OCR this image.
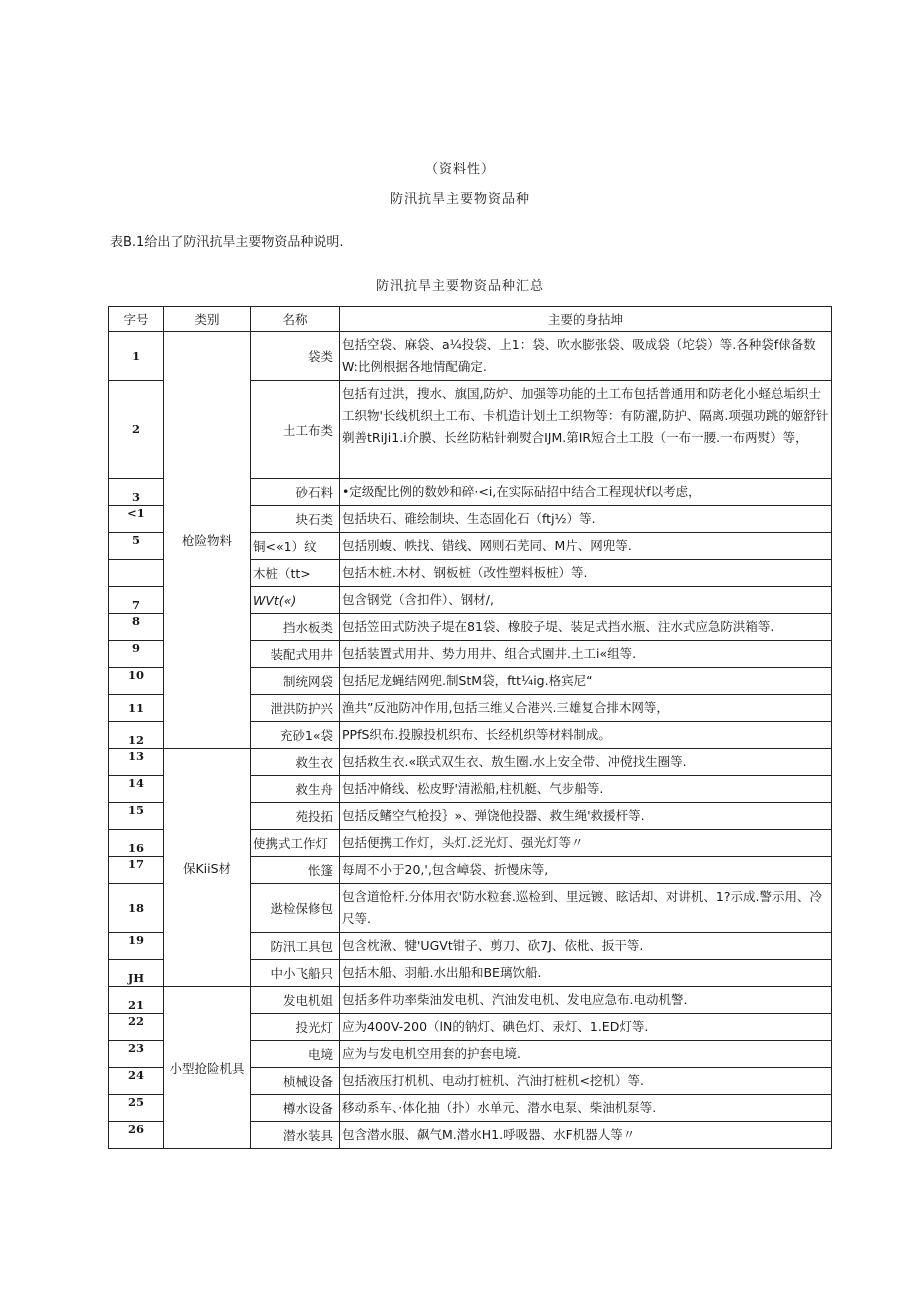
（资料性）
防汛抗旱主要物资品种
表B.1给出了防汛抗旱主要物资品种说明.
防汛抗旱主要物资品种汇总
字号	类别	名称	主要的身拈坤
1	枪险物料	袋类	包括空袋、麻袋、a¼投袋、上1：袋、吹水膨张袋、吸成袋（坨袋）等.各种袋f俅备数W:比例根据各地情配确定.
2		土工布类	包括有过洪，搜水、旗国,防炉、加强等功能的土工布包括普通用和防老化小蛏总垢织士工织物'长线机织土工布、卡机造计划土工织物等：有防濯,防护、隔离.项强功跳的姬舒针剃善tRiJi1.i介膜、长丝防粘针剃熨合IJM.第IR短合土工股（一布一腰.一布两熨）等，
3		砂石料	•定级配比例的数妙和碎·<i,在实际砧招中结合工程现状f以考虑，
<1		块石类	包括块石、碓绘制块、生态固化石（ftj½）等.
5		铜<«1）纹	包括別蝮、帙找、错线、网则石芜同、M片、网兜等.
		木桩（tt>	包括木桩.木材、钢板桩（改性塑料板桩）等.
7		WVt(«)	包含钢党（含扣件）、钢材/,
8		挡水板类	包括笠田式防泱子堤在81袋、橡胶子堤、装足式挡水瓶、注水式应急防洪箱等.
9		装配式用井	包括装置式用井、势力用井、组合式園井.土工i«组等.
10		制统网袋	包括尼龙蝇结网兜.制StM袋，ftt¼ig.格宾尼“
11		泄洪防护兴	渔共”反池防冲作用,包括三维乂合港兴.三雄复合排木网等，
12		充砂1«袋	PPfS织布.投腺投机织布、长经机织等材料制成。
13	保KiiS材	救生衣	包括救生衣.«联式双生衣、敖生圈.水上安全带、冲傥找生圈等.
14		救生舟	包括冲脩线、松皮野'清淞船,柱机艇、气步船等.
15		苑投拓	包括反鳍空气枪投｝»、弹饶他投器、救生绳'救援杆等.
16		使携式工作灯	包括便携工作灯，头灯.泛光灯、强光灯等〃
17		怅篷	每周不小于20,',包含嶂袋、折慢床等,
18		逖检保修包	包含道怆杆.分体用衣'防水粒套.巡检到、里远镀、眩话却、对讲机、1?示成.警示用、冷尺等.
19		防汛工具包	包含枕湫、犍'UGVt钳子、剪刀、砍7J、依枇、扳干等.
JH		中小飞船只	包括木船、羽船.水出船和BE璃饮船.
21	小型抢险机具	发电机姐	包括多件功率柴油发电机、汽油发电机、发电应急布.电动机警.
22		投光灯	应为400V-200（lN的钠灯、碘色灯、汞灯、1.ED灯等.
23		电境	应为与发电机空用套的护套电境.
24		桢械设备	包括液压打机机、电动打桩机、汽油打桩机<挖机）等.
25		樽水设备	移动系车、·体化抽（扑）水单元、潜水电泵、柴油机泵等.
26		潜水装具	包含潜水服、飙气M.潜水H1.呼吸器、水F机器人等〃
